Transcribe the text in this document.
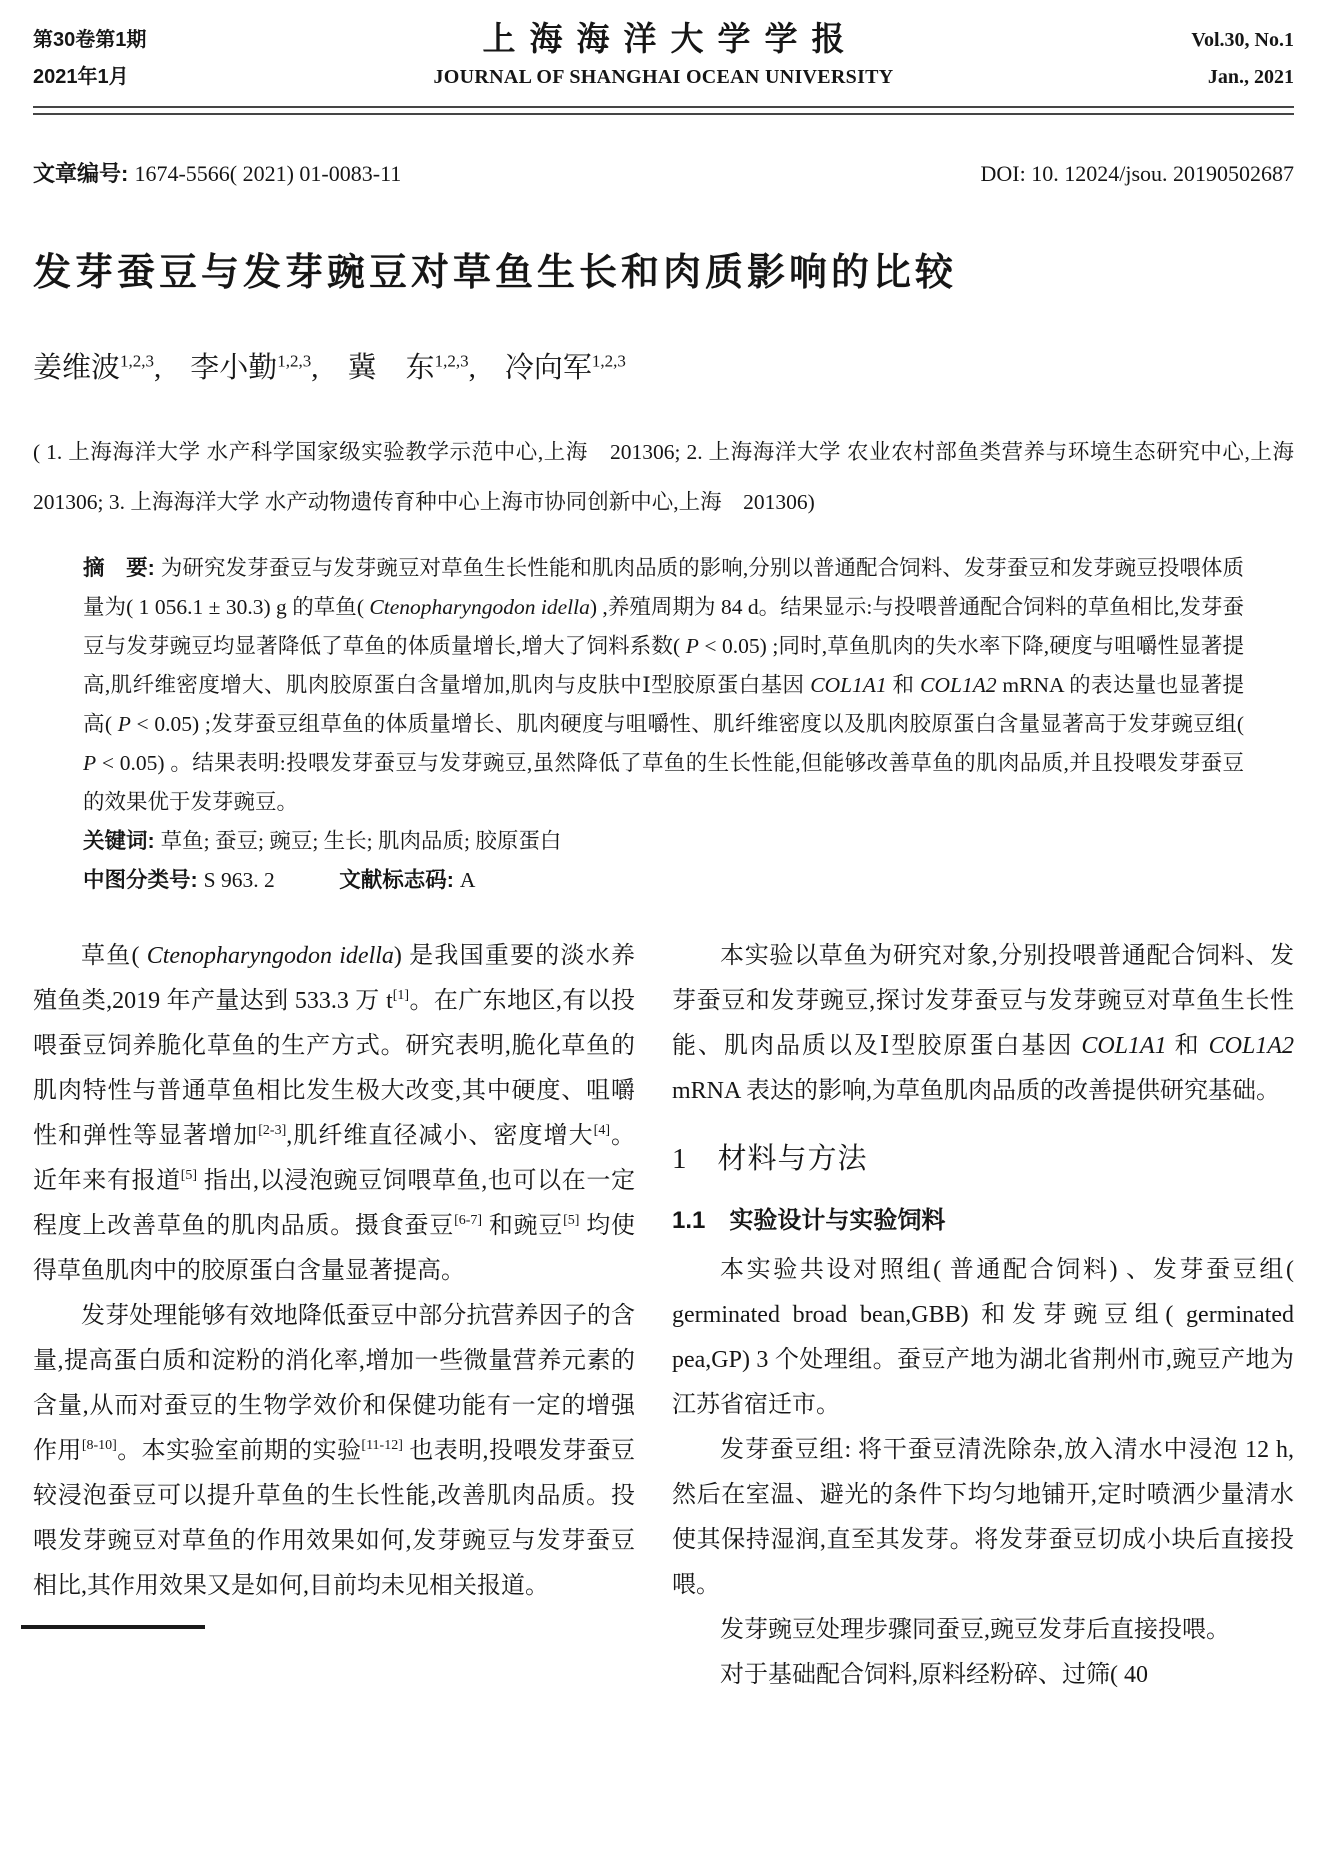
第30卷第1期
2021年1月
上海海洋大学学报
JOURNAL OF SHANGHAI OCEAN UNIVERSITY
Vol.30, No.1
Jan., 2021
文章编号: 1674-5566( 2021) 01-0083-11	DOI: 10. 12024/jsou. 20190502687
发芽蚕豆与发芽豌豆对草鱼生长和肉质影响的比较
姜维波$^{1,2,3}$,　李小勤$^{1,2,3}$,　冀　东$^{1,2,3}$,　冷向军$^{1,2,3}$
( 1. 上海海洋大学 水产科学国家级实验教学示范中心,上海　201306; 2. 上海海洋大学 农业农村部鱼类营养与环境生态研究中心,上海　201306; 3. 上海海洋大学 水产动物遗传育种中心上海市协同创新中心,上海　201306)
摘　要: 为研究发芽蚕豆与发芽豌豆对草鱼生长性能和肌肉品质的影响,分别以普通配合饲料、发芽蚕豆和发芽豌豆投喂体质量为( 1 056.1 ± 30.3) g 的草鱼( Ctenopharyngodon idella) ,养殖周期为 84 d。结果显示:与投喂普通配合饲料的草鱼相比,发芽蚕豆与发芽豌豆均显著降低了草鱼的体质量增长,增大了饲料系数( P < 0.05) ;同时,草鱼肌肉的失水率下降,硬度与咀嚼性显著提高,肌纤维密度增大、肌肉胶原蛋白含量增加,肌肉与皮肤中Ⅰ型胶原蛋白基因 COL1A1 和 COL1A2 mRNA 的表达量也显著提高( P < 0.05) ;发芽蚕豆组草鱼的体质量增长、肌肉硬度与咀嚼性、肌纤维密度以及肌肉胶原蛋白含量显著高于发芽豌豆组( P < 0.05) 。结果表明:投喂发芽蚕豆与发芽豌豆,虽然降低了草鱼的生长性能,但能够改善草鱼的肌肉品质,并且投喂发芽蚕豆的效果优于发芽豌豆。
关键词: 草鱼; 蚕豆; 豌豆; 生长; 肌肉品质; 胶原蛋白
中图分类号: S 963. 2　　　	文献标志码: A

草鱼( Ctenopharyngodon idella) 是我国重要的淡水养殖鱼类,2019 年产量达到 533.3 万 t[1]。在广东地区,有以投喂蚕豆饲养脆化草鱼的生产方式。研究表明,脆化草鱼的肌肉特性与普通草鱼相比发生极大改变,其中硬度、咀嚼性和弹性等显著增加[2-3],肌纤维直径减小、密度增大[4]。近年来有报道[5] 指出,以浸泡豌豆饲喂草鱼,也可以在一定程度上改善草鱼的肌肉品质。摄食蚕豆[6-7] 和豌豆[5] 均使得草鱼肌肉中的胶原蛋白含量显著提高。

发芽处理能够有效地降低蚕豆中部分抗营养因子的含量,提高蛋白质和淀粉的消化率,增加一些微量营养元素的含量,从而对蚕豆的生物学效价和保健功能有一定的增强作用[8-10]。本实验室前期的实验[11-12] 也表明,投喂发芽蚕豆较浸泡蚕豆可以提升草鱼的生长性能,改善肌肉品质。投喂发芽豌豆对草鱼的作用效果如何,发芽豌豆与发芽蚕豆相比,其作用效果又是如何,目前均未见相关报道。

本实验以草鱼为研究对象,分别投喂普通配合饲料、发芽蚕豆和发芽豌豆,探讨发芽蚕豆与发芽豌豆对草鱼生长性能、肌肉品质以及Ⅰ型胶原蛋白基因 COL1A1 和 COL1A2 mRNA 表达的影响,为草鱼肌肉品质的改善提供研究基础。

1　材料与方法
1.1　实验设计与实验饲料

本实验共设对照组( 普通配合饲料) 、发芽蚕豆组( germinated broad bean,GBB) 和发芽豌豆组( germinated pea,GP) 3 个处理组。蚕豆产地为湖北省荆州市,豌豆产地为江苏省宿迁市。

发芽蚕豆组: 将干蚕豆清洗除杂,放入清水中浸泡 12 h,然后在室温、避光的条件下均匀地铺开,定时喷洒少量清水使其保持湿润,直至其发芽。将发芽蚕豆切成小块后直接投喂。

发芽豌豆处理步骤同蚕豆,豌豆发芽后直接投喂。

对于基础配合饲料,原料经粉碎、过筛( 40
